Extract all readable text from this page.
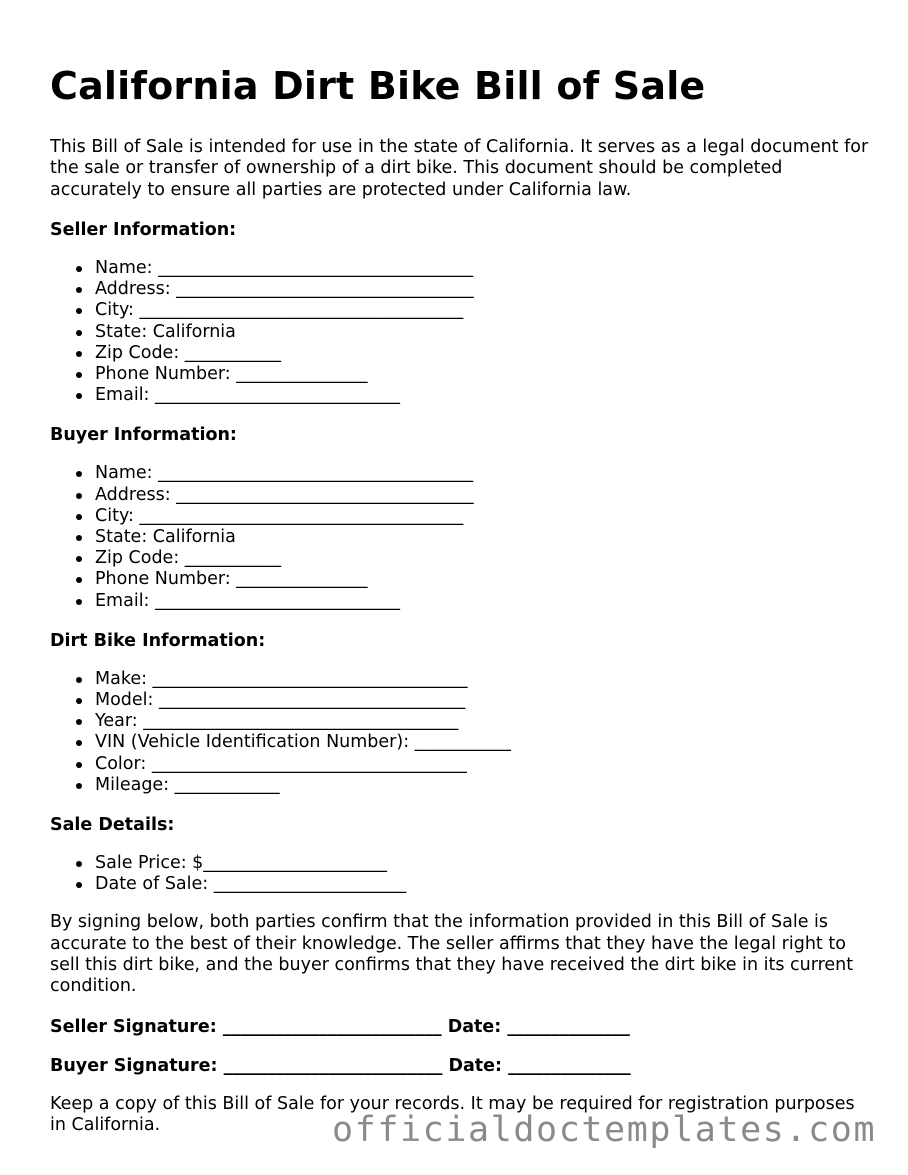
California Dirt Bike Bill of Sale

This Bill of Sale is intended for use in the state of California. It serves as a legal document for the sale or transfer of ownership of a dirt bike. This document should be completed accurately to ensure all parties are protected under California law.

Seller Information:
Name: ____________________________________
Address: __________________________________
City: _____________________________________
State: California
Zip Code: ___________
Phone Number: _______________
Email: ____________________________
Buyer Information:
Name: ____________________________________
Address: __________________________________
City: _____________________________________
State: California
Zip Code: ___________
Phone Number: _______________
Email: ____________________________
Dirt Bike Information:
Make: ____________________________________
Model: ___________________________________
Year: ____________________________________
VIN (Vehicle Identification Number): ___________
Color: ____________________________________
Mileage: ____________
Sale Details:
Sale Price: $_____________________
Date of Sale: ______________________

By signing below, both parties confirm that the information provided in this Bill of Sale is accurate to the best of their knowledge. The seller affirms that they have the legal right to sell this dirt bike, and the buyer confirms that they have received the dirt bike in its current condition.

Seller Signature: _________________________ Date: ______________
Buyer Signature: _________________________ Date: ______________

Keep a copy of this Bill of Sale for your records. It may be required for registration purposes in California.	officialdoctemplates.com
